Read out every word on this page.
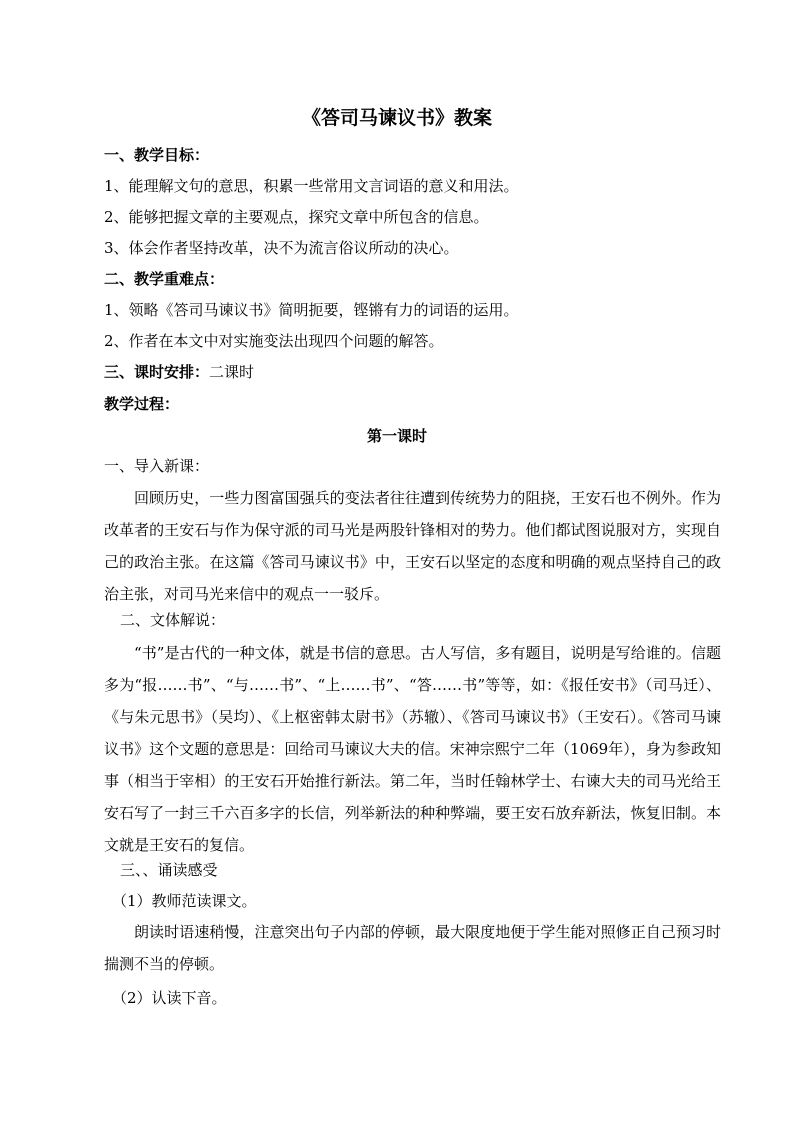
《答司马谏议书》教案
一、教学目标：
1、能理解文句的意思，积累一些常用文言词语的意义和用法。
2、能够把握文章的主要观点，探究文章中所包含的信息。
3、体会作者坚持改革，决不为流言俗议所动的决心。
二、教学重难点：
1、领略《答司马谏议书》简明扼要，铿锵有力的词语的运用。
2、作者在本文中对实施变法出现四个问题的解答。
三、课时安排：二课时
教学过程：
第一课时
一、导入新课：
回顾历史，一些力图富国强兵的变法者往往遭到传统势力的阻挠，王安石也不例外。作为改革者的王安石与作为保守派的司马光是两股针锋相对的势力。他们都试图说服对方，实现自己的政治主张。在这篇《答司马谏议书》中，王安石以坚定的态度和明确的观点坚持自己的政治主张，对司马光来信中的观点一一驳斥。
二、文体解说：
“书”是古代的一种文体，就是书信的意思。古人写信，多有题目，说明是写给谁的。信题多为“报……书”、“与……书”、“上……书”、“答……书”等等，如：《报任安书》（司马迁）、《与朱元思书》（吴均）、《上枢密韩太尉书》（苏辙）、《答司马谏议书》（王安石）。《答司马谏议书》这个文题的意思是：回给司马谏议大夫的信。宋神宗熙宁二年（1069年），身为参政知事（相当于宰相）的王安石开始推行新法。第二年，当时任翰林学士、右谏大夫的司马光给王安石写了一封三千六百多字的长信，列举新法的种种弊端，要王安石放弃新法，恢复旧制。本文就是王安石的复信。
三、、诵读感受
（1）教师范读课文。
朗读时语速稍慢，注意突出句子内部的停顿，最大限度地便于学生能对照修正自己预习时揣测不当的停顿。
（2）认读下音。
